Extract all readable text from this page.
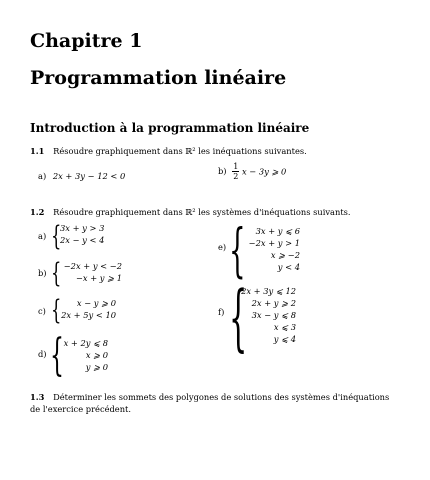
Chapitre 1
Programmation linéaire
Introduction à la programmation linéaire
1.1 Résoudre graphiquement dans ℝ² les inéquations suivantes.
a) 2x + 3y − 12 < 0	$b) \frac{1}{2}$ x − 3y ⩾ 0
1.2 Résoudre graphiquement dans ℝ² les systèmes d'inéquations suivants.
a) {
3x + y > 3
2x − y < 4
b) { −2x + y < −2
−x + y ⩾ 1
c) { x − y ⩾ 0
2x + 5y < 10
d) { x + 2y ⩽ 8
x ⩾ 0
y ⩾ 0
e) { 3x + y ⩽ 6
−2x + y > 1
x ⩾ −2
y < 4
f) {
2x + 3y ⩽ 12
2x + y ⩾ 2
3x − y ⩽ 8
x ⩽ 3
y ⩽ 4
1.3 Déterminer les sommets des polygones de solutions des systèmes d'inéquations de l'exercice précédent.
